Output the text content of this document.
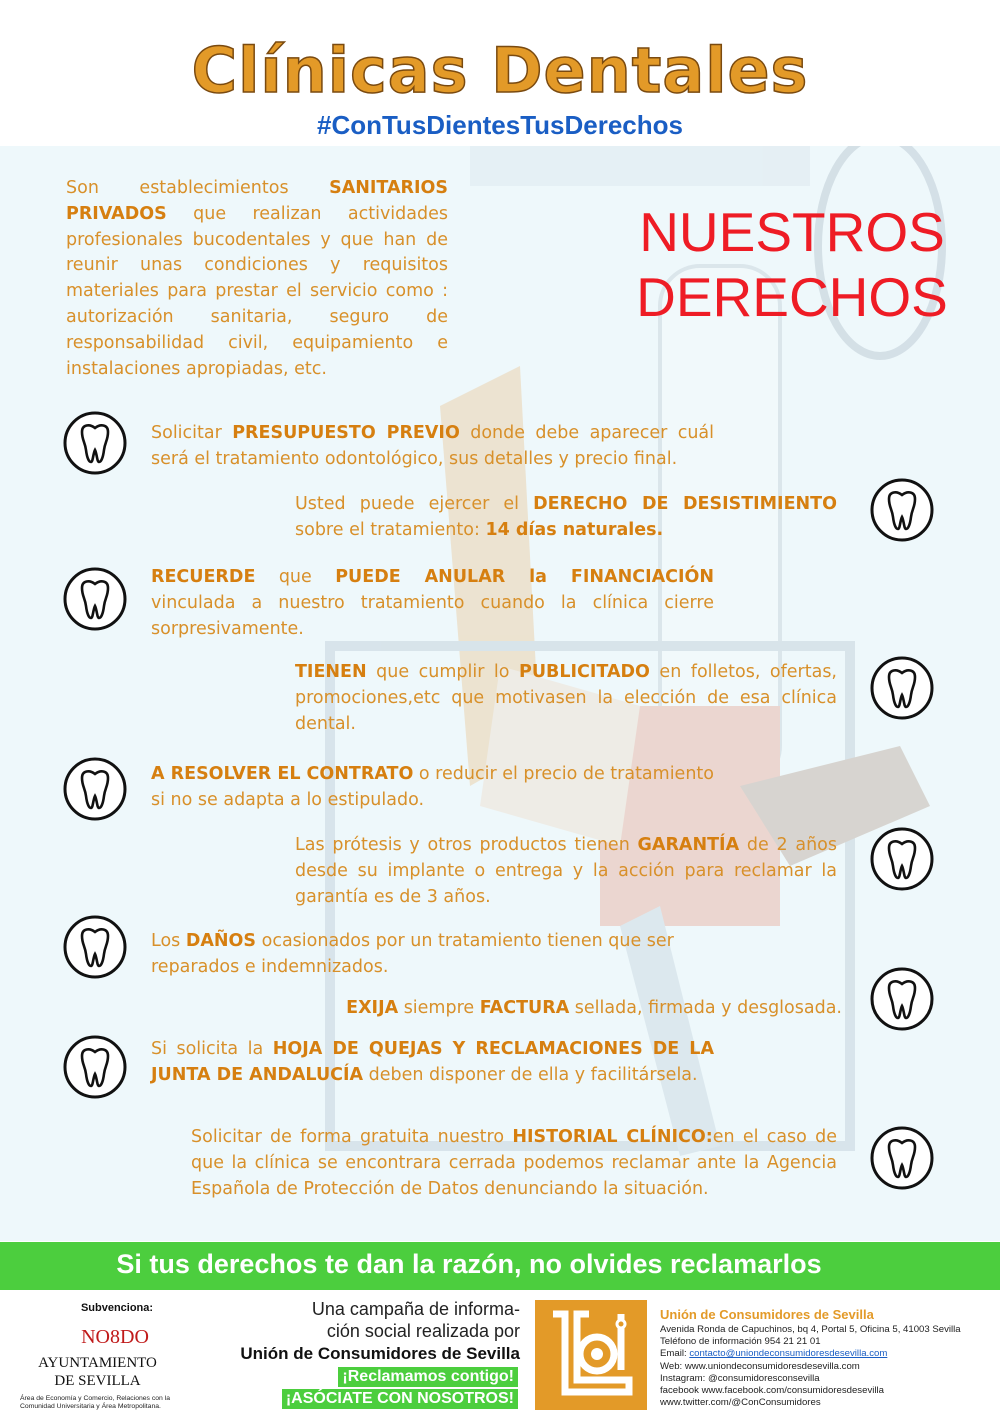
Clínicas Dentales
#ConTusDientesTusDerechos
Son establecimientos SANITARIOS PRIVADOS que realizan actividades profesionales bucodentales y que han de reunir unas condiciones y requisitos materiales para prestar el servicio como : autorización sanitaria, seguro de responsabilidad civil, equipamiento e instalaciones apropiadas, etc.
NUESTROS
DERECHOS

Solicitar PRESUPUESTO PREVIO donde debe aparecer cuál será el tratamiento odontológico, sus detalles y precio final.

Usted puede ejercer el DERECHO DE DESISTIMIENTO sobre el tratamiento: 14 días naturales.

RECUERDE que PUEDE ANULAR la FINANCIACIÓN vinculada a nuestro tratamiento cuando la clínica cierre sorpresivamente.

TIENEN que cumplir lo PUBLICITADO en folletos, ofertas, promociones,etc que motivasen la elección de esa clínica dental.

A RESOLVER EL CONTRATO o reducir el precio de tratamiento si no se adapta a lo estipulado.

Las prótesis y otros productos tienen GARANTÍA de 2 años desde su implante o entrega y la acción para reclamar la garantía es de 3 años.

Los DAÑOS ocasionados por un tratamiento tienen que ser reparados e indemnizados.

EXIJA siempre FACTURA sellada, firmada y desglosada.

Si solicita la HOJA DE QUEJAS Y RECLAMACIONES DE LA JUNTA DE ANDALUCÍA deben disponer de ella y facilitársela.

Solicitar de forma gratuita nuestro HISTORIAL CLÍNICO:en el caso de que la clínica se encontrara cerrada podemos reclamar ante la Agencia Española de Protección de Datos denunciando la situación.

Si tus derechos te dan la razón, no olvides reclamarlos
Subvenciona:
NO8DO
AYUNTAMIENTO
DE SEVILLA
Área de Economía y Comercio, Relaciones con la Comunidad Universitaria y Área Metropolitana.
Una campaña de informa-
ción social realizada por
Unión de Consumidores de Sevilla
¡Reclamamos contigo!
¡ASÓCIATE CON NOSOTROS!
Unión de Consumidores de Sevilla
Avenida Ronda de Capuchinos, bq 4, Portal 5, Oficina 5, 41003 Sevilla
Teléfono de información 954 21 21 01
Email: contacto@uniondeconsumidoresdesevilla.com
Web: www.uniondeconsumidoresdesevilla.com
Instagram: @consumidoresconsevilla
facebook www.facebook.com/consumidoresdesevilla
www.twitter.com/@ConConsumidores
